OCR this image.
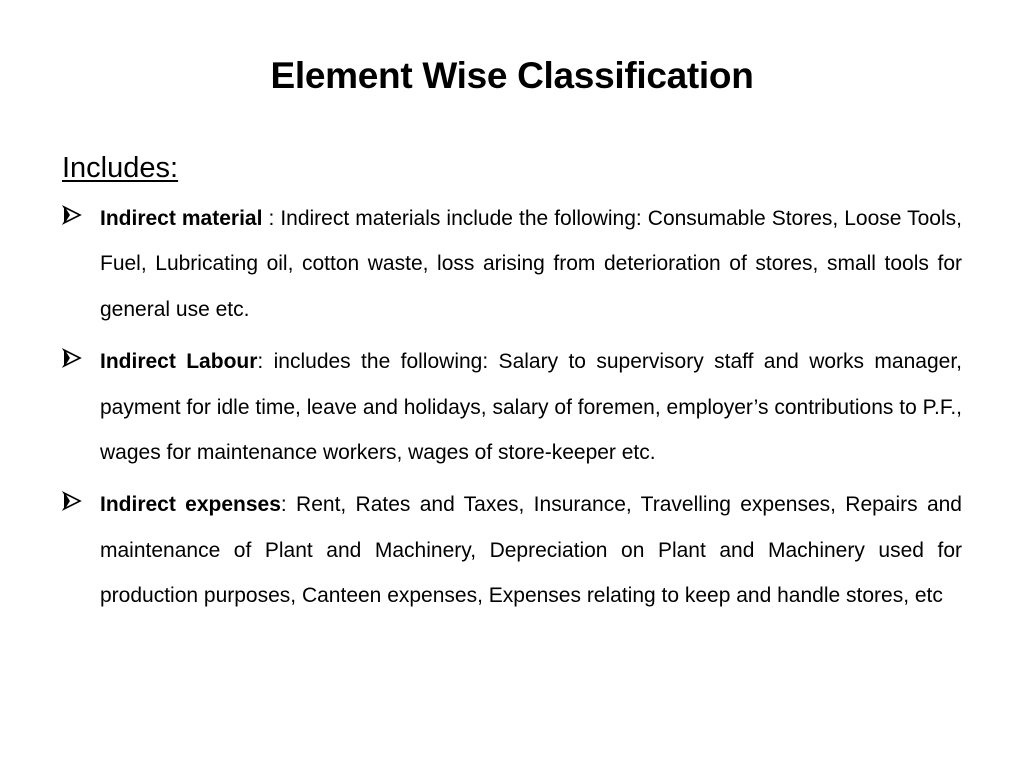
Element Wise Classification
Includes:
Indirect material : Indirect materials include the following: Consumable Stores, Loose Tools, Fuel, Lubricating oil, cotton waste, loss arising from deterioration of stores, small tools for general use etc.
Indirect Labour: includes the following: Salary to supervisory staff and works manager, payment for idle time, leave and holidays, salary of foremen, employer’s contributions to P.F., wages for maintenance workers, wages of store-keeper etc.
Indirect expenses: Rent, Rates and Taxes, Insurance, Travelling expenses, Repairs and maintenance of Plant and Machinery, Depreciation on Plant and Machinery used for production purposes, Canteen expenses, Expenses relating to keep and handle stores, etc
